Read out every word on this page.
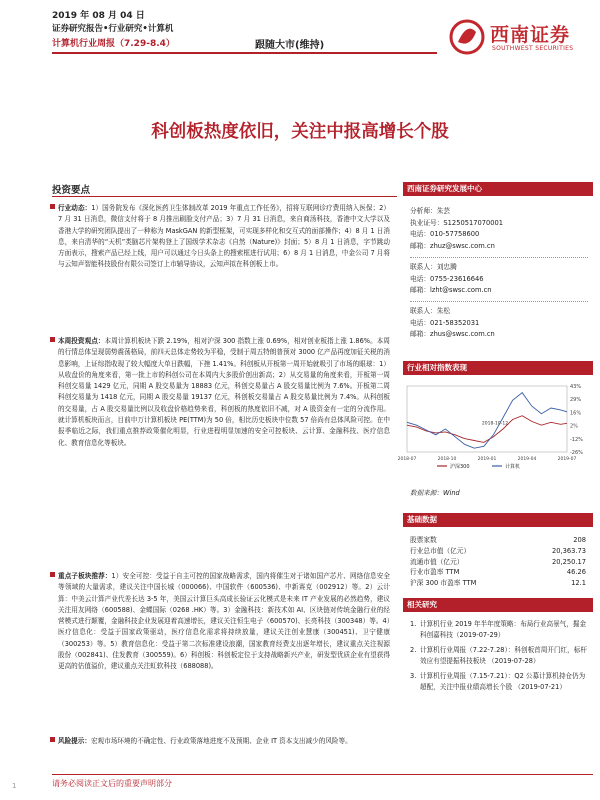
2019 年 08 月 04 日
证券研究报告•行业研究•计算机
计算机行业周报（7.29-8.4）	跟随大市(维持)	西南证券
SOUTHWEST SECURITIES
科创板热度依旧，关注中报高增长个股
投资要点
行业动态：1）国务院发布《深化医药卫生体制改革 2019 年重点工作任务》，招将互联网诊疗费用纳入医保；2）7 月 31 日消息，微信支付将于 8 月推出刷脸支付产品；3）7 月 31 日消息，来自商汤科技，香港中文大学以及香港大学的研究团队提出了一种称为 MaskGAN 的新型框架，可实现多样化和交互式的面部操作；4）8 月 1 日消息，来自清华的“天机”类脑芯片架构登上了国级学术杂志《自然（Nature)》封面；5）8 月 1 日消息，字节跳动方面表示，搜索产品已经上线，用户可以通过今日头条上的搜索框进行试用；6）8 月 1 日消息，中金公司 7 月将与云知声智能科技股份有限公司签订上市辅导协议，云知声拟在科创板上市。
本周投资观点：本周计算机板块下跌 2.19%，相对沪深 300 指数上涨 0.69%，相对创业板指上涨 1.86%。本周的行情总体呈现弱势震荡格局，前四天总体走势较为平稳，受制于周五特朗普预对 3000 亿产品再度加征关税的消息影响，上证综指收现了较大幅度大单日跌幅，下挫 1.41%。科创板从开板第一周开始就吸引了市场的眼球：1）从收盘价的角度来看，第一批上市的科创公司在本周内大多股价创出新高；2）从交易量的角度来看，开板第一周科创交易量 1429 亿元，同期 A 股交易量为 18883 亿元，科创交易量占 A 股交易量比例为 7.6%。开板第二周科创交易量为 1418 亿元，同期 A 股交易量 19137 亿元，科创板交易量占 A 股交易量比例为 7.4%。从科创板的交易量，占 A 股交易量比例以及收盘价格趋势来看，科创板的热度依旧不减，对 A 股资金有一定的分流作用。就计算机板块而言，目前申万计算机板块 PE(TTM)为 50 倍，相比历史板块中位数 57 倍尚有总体风险可控。在中报季临近之际，我们重点推荐政策催化明显，行业进程明显加速的安全可控板块、云计算、金融科技、医疗信息化、教育信息化等板块。
重点子板块推荐：1）安全可控：受益于自主可控的国家战略需求，国内将催生对于诸如国产芯片、网络信息安全等领域的大量需求，建议关注中国长城（000066)、中国软件（600536)、中新赛克（002912）等。2）云计算：中美云计算产业代差长达 3-5 年，美国云计算巨头高成长验证云化模式是未来 IT 产业发展的必然趋势，建议关注用友网络（600588)、金蝶国际（0268 .HK）等。3）金融科技：新技术如 AI、区块链对传统金融行业的经营模式进行颠覆，金融科技企业发展迎着高速增长，建议关注恒生电子（600570)、长亮科技（300348）等。4）医疗信息化：受益于国家政策驱动，医疗信息化需求将持续放量，建议关注创业慧康（300451)、卫宁健康（300253）等。5）教育信息化：受益于第二次标准建设浪潮，国家教育经费支出逐年增长，建议重点关注视源股份（002841)、佳发教育（300559)。6）科创板：科创板定位于支持战略新兴产业，研发型优质企业有望获得更高的估值溢价，建议重点关注虹软科技（688088)。
风险提示：宏观市场环境的不确定性、行业政策落地进度不及预期、企业 IT 资本支出减少的风险等。
西南证券研究发展中心
分析师：朱芸
执业证号：S1250517070001
电话：010-57758600
邮箱：zhuz@swsc.com.cn
联系人：刘忠腾
电话：0755-23616646
邮箱：lzht@swsc.com.cn
联系人：朱松
电话：021-58352031
邮箱：zhus@swsc.com.cn
行业相对指数表现
43%
29%
16%
2%
-12%
-26%
2018-07	2018-10	2019-01	2019-04	2019-07
2018-10-12
沪深300	计算机
数据来源：Wind
基础数据
股票家数	208
行业总市值（亿元）	20,363.73
流通市值（亿元）	20,250.17
行业市盈率 TTM	46.26
沪深 300 市盈率 TTM	12.1
相关研究
1. 计算机行业 2019 年半年度策略：布局行业高景气，掘金科创嘉科技（2019-07-29）
2. 计算机行业周报（7.22-7.28）：科创板首周开门红，标杆效应有望提振科技板块 （2019-07-28）
3. 计算机行业周报（7.15-7.21）：Q2 公募计算机持仓仍为超配，关注中报业绩高增长个股 （2019-07-21）
请务必阅读正文后的重要声明部分
1
